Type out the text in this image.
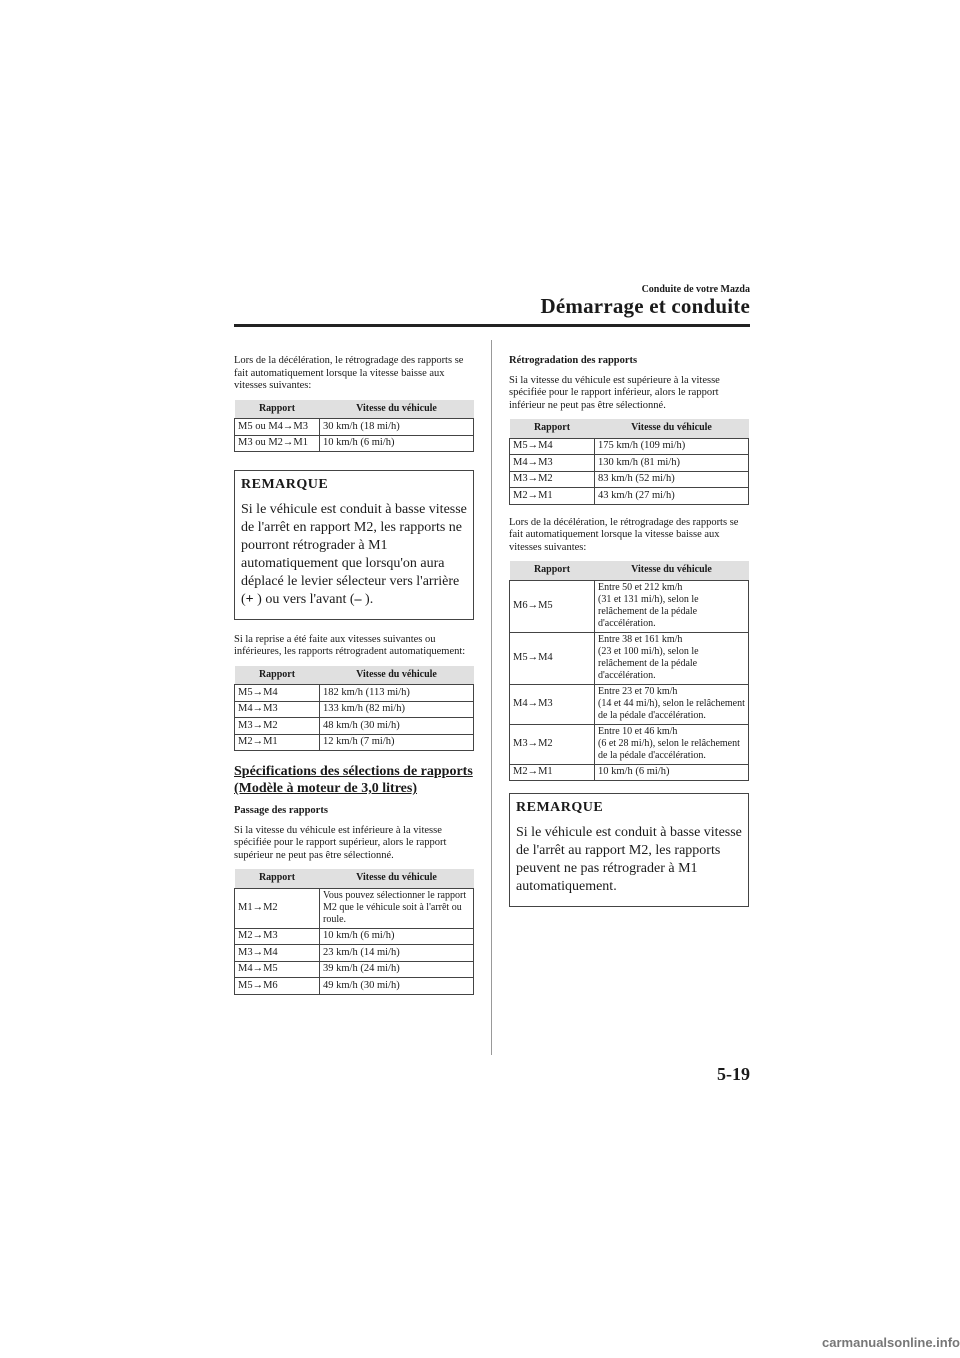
Conduite de votre Mazda
Démarrage et conduite

Lors de la décélération, le rétrogradage des rapports se fait automatiquement lorsque la vitesse baisse aux vitesses suivantes:

Rapport	Vitesse du véhicule
M5 ou M4→M3	30 km/h (18 mi/h)
M3 ou M2→M1	10 km/h (6 mi/h)
REMARQUE
Si le véhicule est conduit à basse vitesse de l'arrêt en rapport M2, les rapports ne pourront rétrograder à M1 automatiquement que lorsqu'on aura déplacé le levier sélecteur vers l'arrière
(+ ) ou vers l'avant (– ).

Si la reprise a été faite aux vitesses suivantes ou inférieures, les rapports rétrogradent automatiquement:

Rapport	Vitesse du véhicule
M5→M4	182 km/h (113 mi/h)
M4→M3	133 km/h (82 mi/h)
M3→M2	48 km/h (30 mi/h)
M2→M1	12 km/h (7 mi/h)
Spécifications des sélections de rapports (Modèle à moteur de 3,0 litres)
Passage des rapports

Si la vitesse du véhicule est inférieure à la vitesse spécifiée pour le rapport supérieur, alors le rapport supérieur ne peut pas être sélectionné.

Rapport	Vitesse du véhicule
M1→M2	Vous pouvez sélectionner le rapport M2 que le véhicule soit à l'arrêt ou roule.
M2→M3	10 km/h (6 mi/h)
M3→M4	23 km/h (14 mi/h)
M4→M5	39 km/h (24 mi/h)
M5→M6	49 km/h (30 mi/h)
Rétrogradation des rapports

Si la vitesse du véhicule est supérieure à la vitesse spécifiée pour le rapport inférieur, alors le rapport inférieur ne peut pas être sélectionné.

Rapport	Vitesse du véhicule
M5→M4	175 km/h (109 mi/h)
M4→M3	130 km/h (81 mi/h)
M3→M2	83 km/h (52 mi/h)
M2→M1	43 km/h (27 mi/h)

Lors de la décélération, le rétrogradage des rapports se fait automatiquement lorsque la vitesse baisse aux vitesses suivantes:

Rapport	Vitesse du véhicule
M6→M5	Entre 50 et 212 km/h
(31 et 131 mi/h), selon le relâchement de la pédale d'accélération.
M5→M4	Entre 38 et 161 km/h
(23 et 100 mi/h), selon le relâchement de la pédale d'accélération.
M4→M3	Entre 23 et 70 km/h
(14 et 44 mi/h), selon le relâchement de la pédale d'accélération.
M3→M2	Entre 10 et 46 km/h
(6 et 28 mi/h), selon le relâchement de la pédale d'accélération.
M2→M1	10 km/h (6 mi/h)
REMARQUE
Si le véhicule est conduit à basse vitesse de l'arrêt au rapport M2, les rapports peuvent ne pas rétrograder à M1 automatiquement.
5-19
carmanualsonline.info
